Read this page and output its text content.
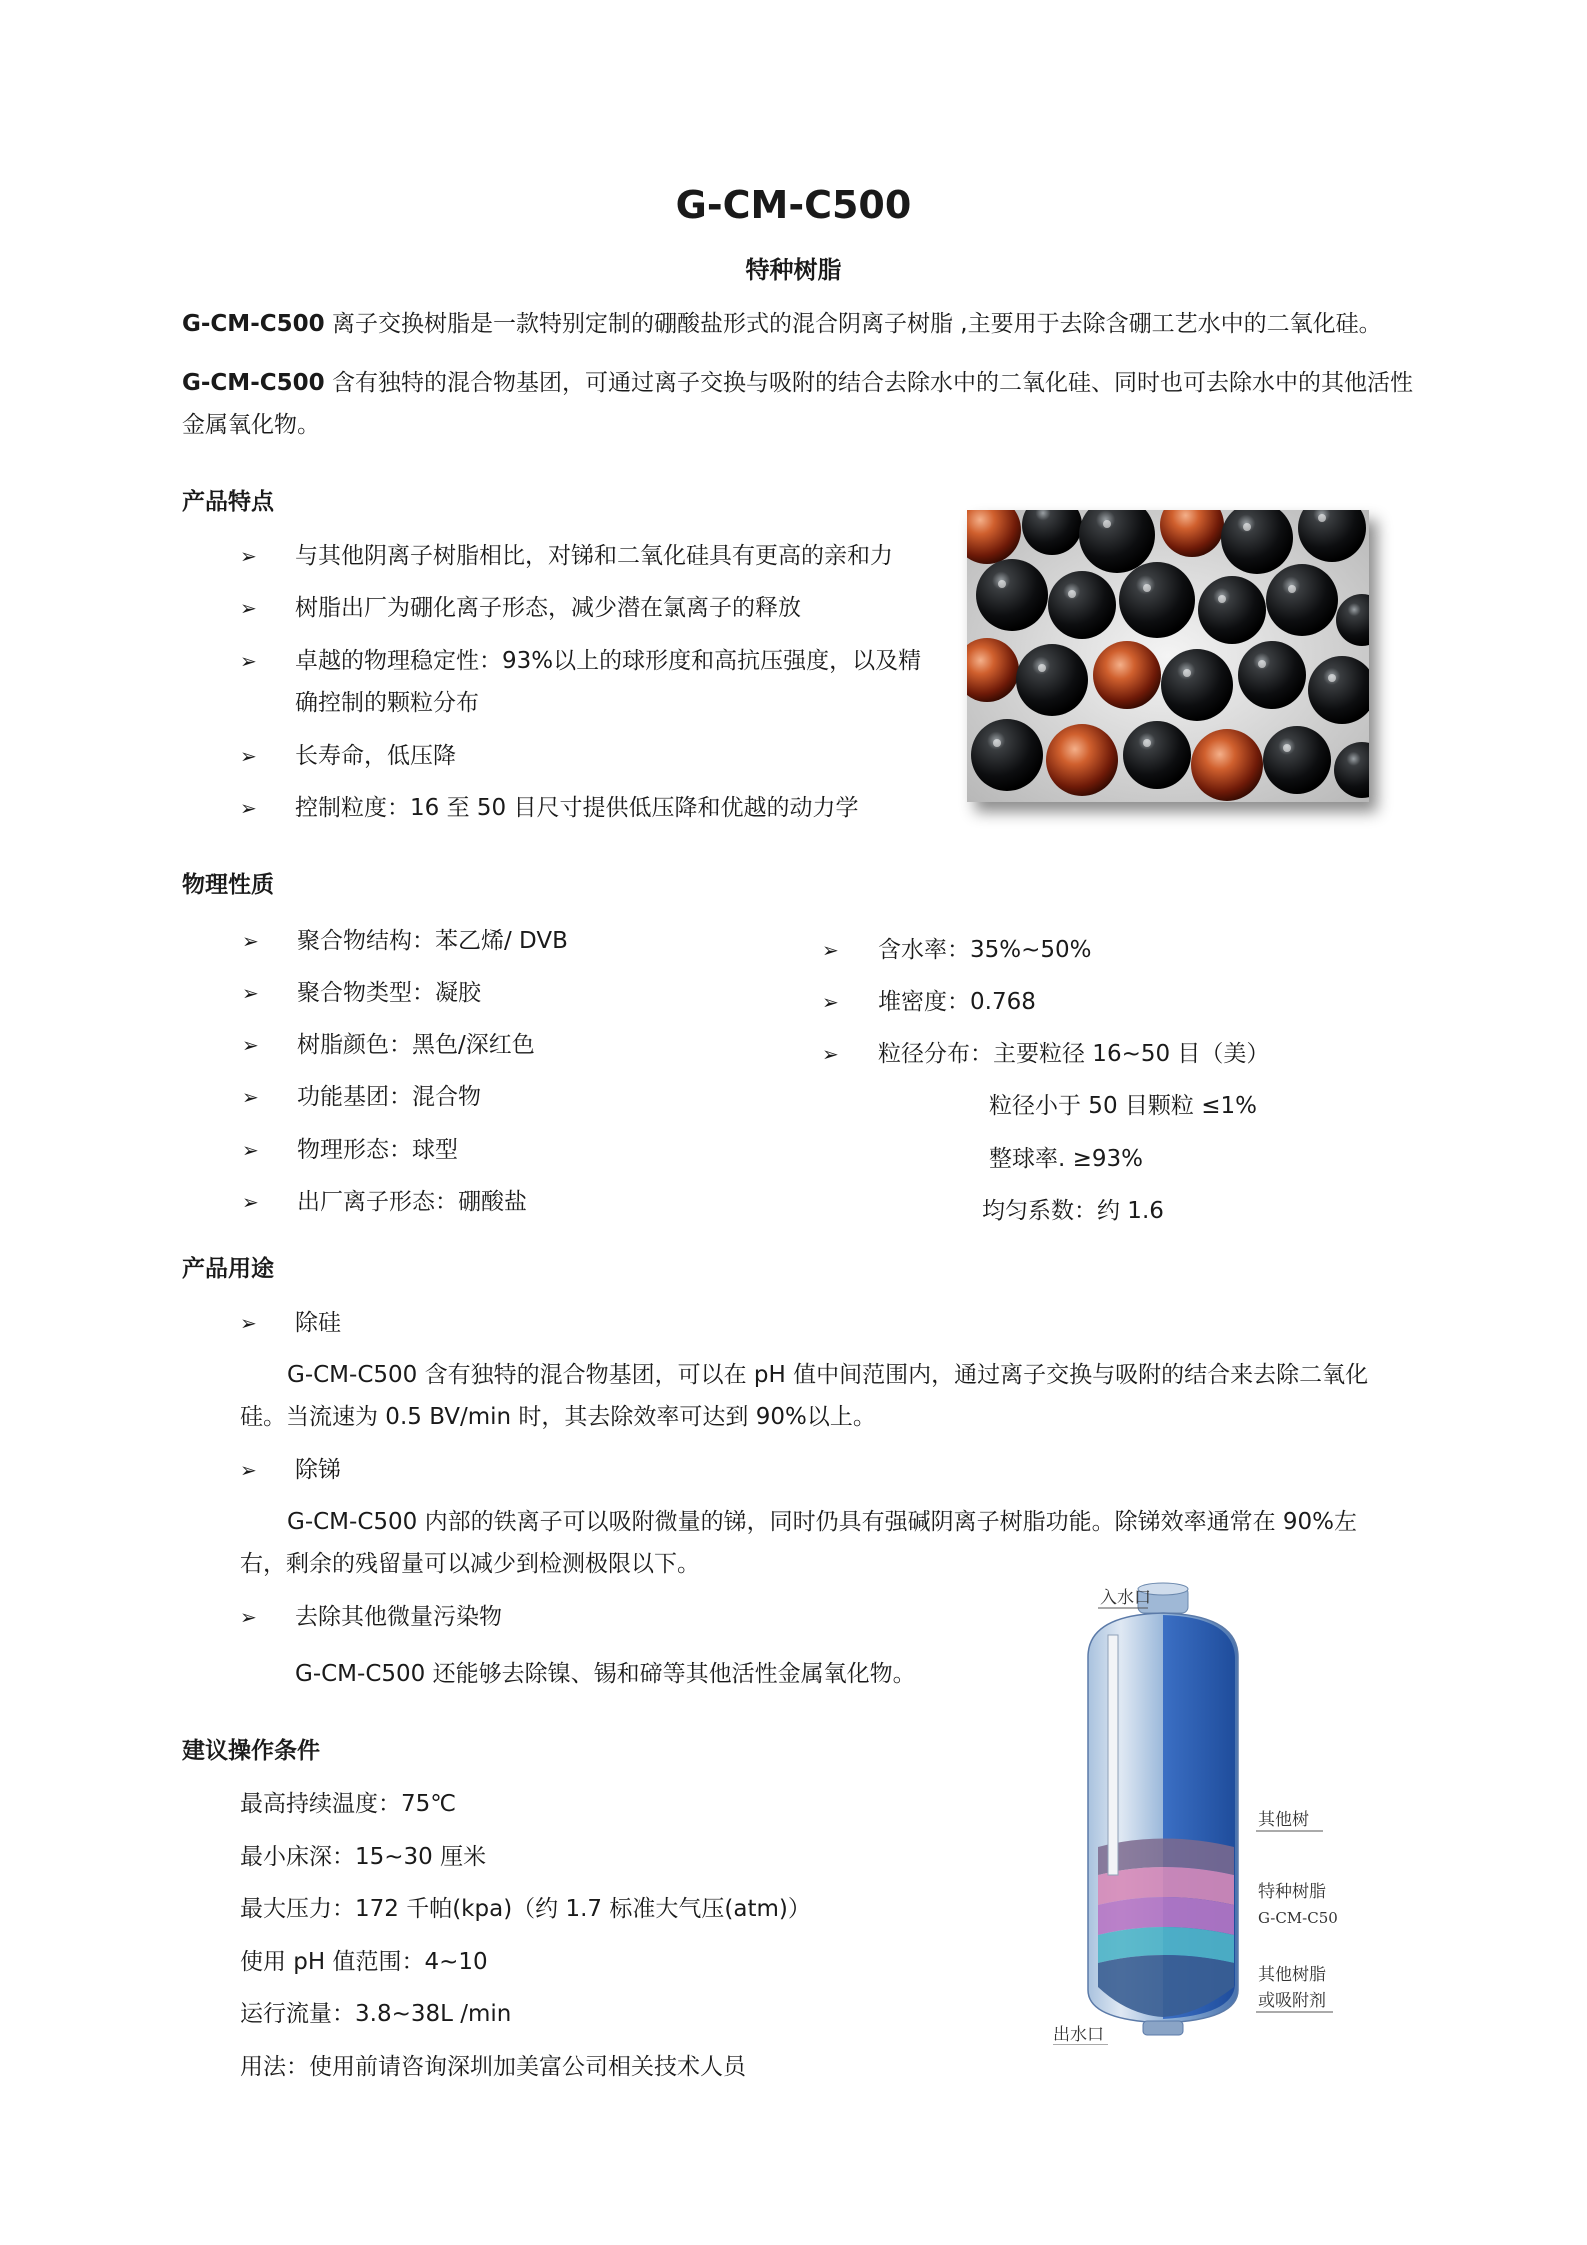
G-CM-C500
特种树脂

G-CM-C500 离子交换树脂是一款特别定制的硼酸盐形式的混合阴离子树脂 ,主要用于去除含硼工艺水中的二氧化硅。

G-CM-C500 含有独特的混合物基团，可通过离子交换与吸附的结合去除水中的二氧化硅、同时也可去除水中的其他活性金属氧化物。

产品特点
➢ 与其他阴离子树脂相比，对锑和二氧化硅具有更高的亲和力
➢ 树脂出厂为硼化离子形态，减少潜在氯离子的释放
➢ 卓越的物理稳定性：93%以上的球形度和高抗压强度，以及精
确控制的颗粒分布
➢ 长寿命，低压降
➢ 控制粒度：16 至 50 目尺寸提供低压降和优越的动力学
物理性质
➢ 聚合物结构：苯乙烯/ DVB
➢ 聚合物类型：凝胶
➢ 树脂颜色：黑色/深红色
➢ 功能基团：混合物
➢ 物理形态：球型
➢ 出厂离子形态：硼酸盐
➢ 含水率：35%~50%
➢ 堆密度：0.768
➢ 粒径分布：主要粒径 16~50 目（美）
粒径小于 50 目颗粒 ≤1%
整球率. ≥93%
均匀系数：约 1.6
产品用途
➢ 除硅
G-CM-C500 含有独特的混合物基团，可以在 pH 值中间范围内，通过离子交换与吸附的结合来去除二氧化
硅。当流速为 0.5 BV/min 时，其去除效率可达到 90%以上。
➢ 除锑
G-CM-C500 内部的铁离子可以吸附微量的锑，同时仍具有强碱阴离子树脂功能。除锑效率通常在 90%左
右，剩余的残留量可以减少到检测极限以下。
➢ 去除其他微量污染物
G-CM-C500 还能够去除镍、锡和碲等其他活性金属氧化物。
建议操作条件
最高持续温度：75℃
最小床深：15~30 厘米
最大压力：172 千帕(kpa)（约 1.7 标准大气压(atm)）
使用 pH 值范围：4~10
运行流量：3.8~38L /min
用法：使用前请咨询深圳加美富公司相关技术人员
入水口
出水口
其他树
特种树脂
G-CM-C50
其他树脂
或吸附剂
